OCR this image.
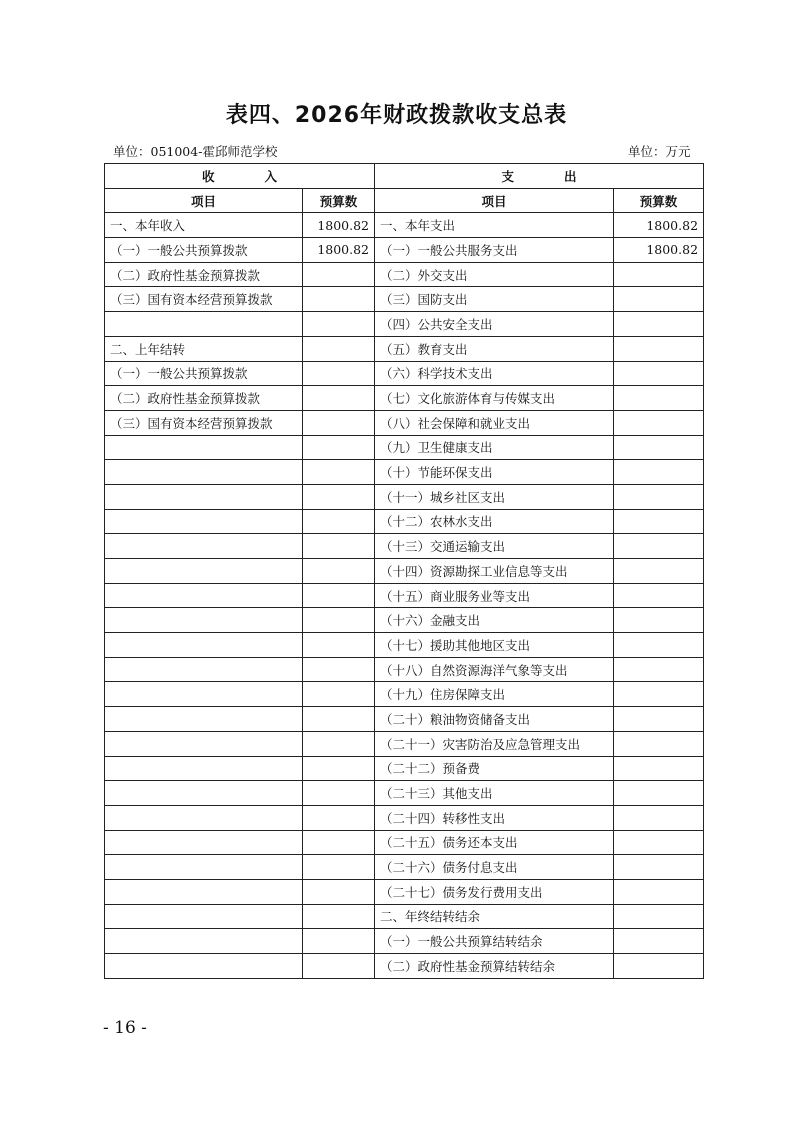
表四、2026年财政拨款收支总表
单位：051004-霍邱师范学校	单位：万元
收　　　　入		支　　　　出	
项目	预算数	项目	预算数
一、本年收入	1800.82	一、本年支出	1800.82
（一）一般公共预算拨款	1800.82	（一）一般公共服务支出	1800.82
（二）政府性基金预算拨款		（二）外交支出	
（三）国有资本经营预算拨款		（三）国防支出	
		（四）公共安全支出	
二、上年结转		（五）教育支出	
（一）一般公共预算拨款		（六）科学技术支出	
（二）政府性基金预算拨款		（七）文化旅游体育与传媒支出	
（三）国有资本经营预算拨款		（八）社会保障和就业支出	
		（九）卫生健康支出	
		（十）节能环保支出	
		（十一）城乡社区支出	
		（十二）农林水支出	
		（十三）交通运输支出	
		（十四）资源勘探工业信息等支出	
		（十五）商业服务业等支出	
		（十六）金融支出	
		（十七）援助其他地区支出	
		（十八）自然资源海洋气象等支出	
		（十九）住房保障支出	
		（二十）粮油物资储备支出	
		（二十一）灾害防治及应急管理支出	
		（二十二）预备费	
		（二十三）其他支出	
		（二十四）转移性支出	
		（二十五）债务还本支出	
		（二十六）债务付息支出	
		（二十七）债务发行费用支出	
		二、年终结转结余	
		（一）一般公共预算结转结余	
		（二）政府性基金预算结转结余	
- 16 -
